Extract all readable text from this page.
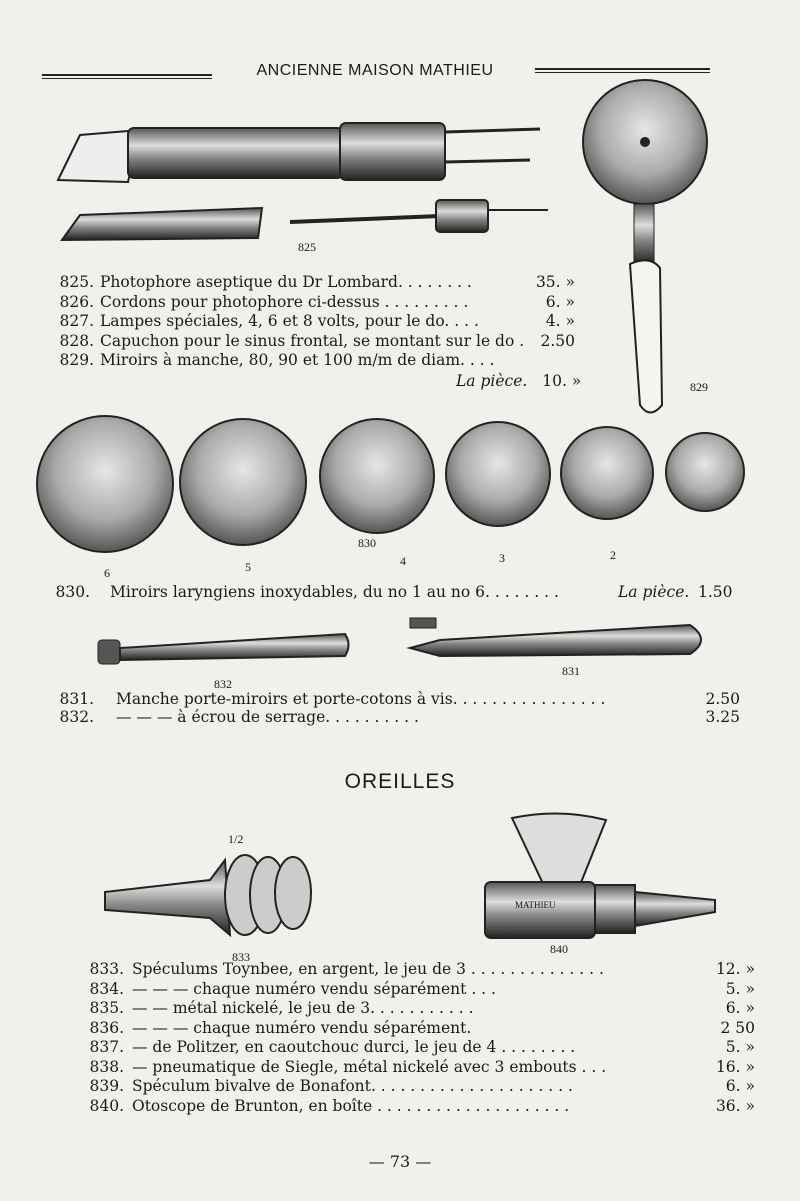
ANCIENNE MAISON MATHIEU
825
829
830
6	5	4	3	2
831
832
1/2
833
840
MATHIEU
825. Photophore aseptique du Dr Lombard. . . . . . . .	35. »
826. Cordons pour photophore ci-dessus . . . . . . . . .	6. »
827. Lampes spéciales, 4, 6 et 8 volts, pour le do. . . .	4. »
828. Capuchon pour le sinus frontal, se montant sur le do .	2.50
829. Miroirs à manche, 80, 90 et 100 m/m de diam. . . .
La pièce. 10. »
830. Miroirs laryngiens inoxydables, du no 1 au no 6. . . . . . . .	La pièce. 1.50
831. Manche porte-miroirs et porte-cotons à vis. . . . . . . . . . . . . . . .	2.50
832. — — — à écrou de serrage. . . . . . . . . .	3.25
OREILLES
833. Spéculums Toynbee, en argent, le jeu de 3 . . . . . . . . . . . . . .	12. »
834. — — — chaque numéro vendu séparément . . .	5. »
835. — — métal nickelé, le jeu de 3. . . . . . . . . . .	6. »
836. — — — chaque numéro vendu séparément.	2 50
837. — de Politzer, en caoutchouc durci, le jeu de 4 . . . . . . . .	5. »
838. — pneumatique de Siegle, métal nickelé avec 3 embouts . . .	16. »
839. Spéculum bivalve de Bonafont. . . . . . . . . . . . . . . . . . . . .	6. »
840. Otoscope de Brunton, en boîte . . . . . . . . . . . . . . . . . . . .	36. »
— 73 —
